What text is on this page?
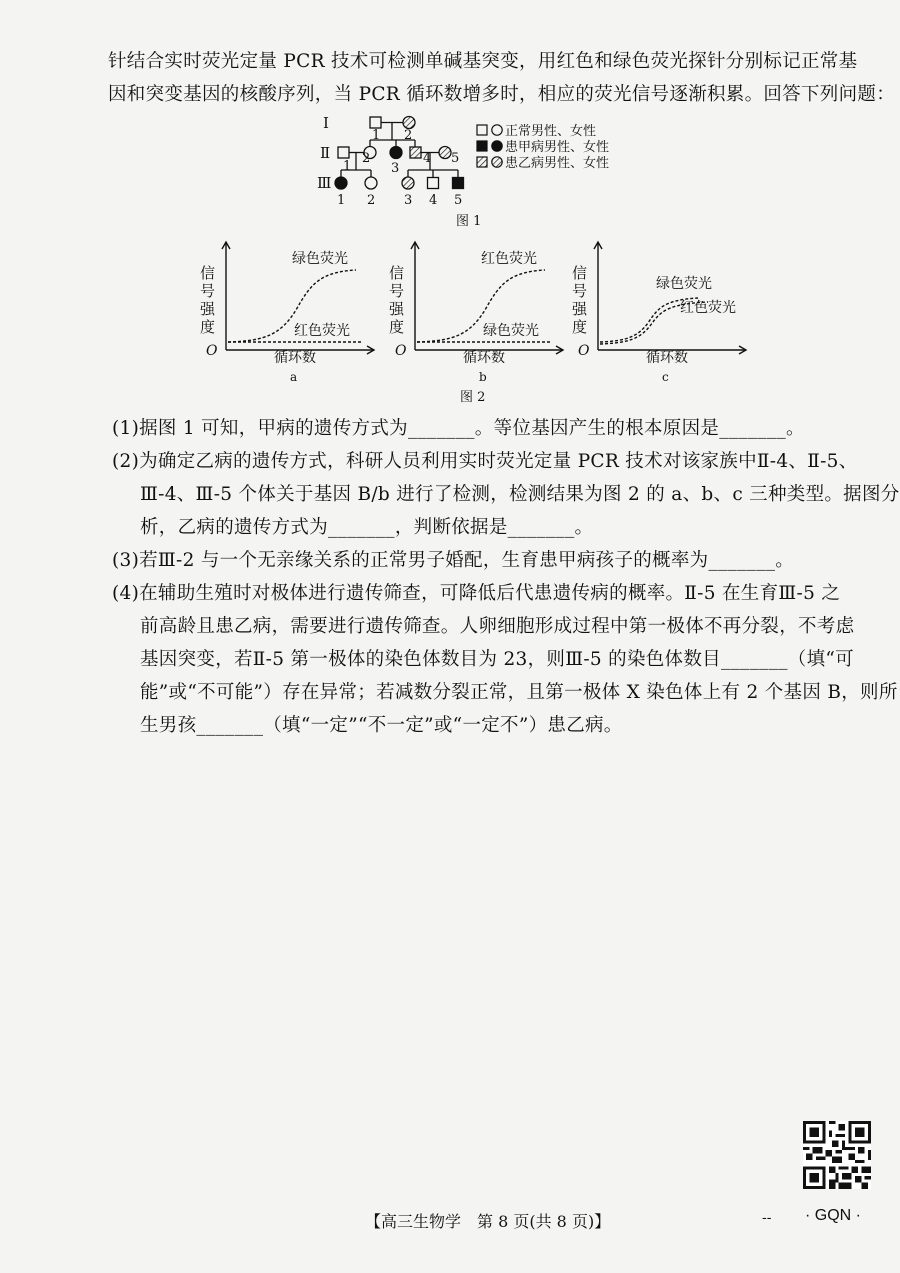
针结合实时荧光定量 PCR 技术可检测单碱基突变，用红色和绿色荧光探针分别标记正常基
因和突变基因的核酸序列，当 PCR 循环数增多时，相应的荧光信号逐渐积累。回答下列问题：
Ⅰ
Ⅱ
Ⅲ
1 2
1
2
3
4 5
1 2 3 4 5
正常男性、女性
患甲病男性、女性
患乙病男性、女性
图 1
信
号
强
度
O	循环数
a
绿色荧光
红色荧光
信
号
强
度
O	循环数
b
红色荧光
绿色荧光
信
号
强
度
O	循环数
c
绿色荧光
红色荧光
图 2
(1)据图 1 可知，甲病的遗传方式为_______。等位基因产生的根本原因是_______。
(2)为确定乙病的遗传方式，科研人员利用实时荧光定量 PCR 技术对该家族中Ⅱ-4、Ⅱ-5、
Ⅲ-4、Ⅲ-5 个体关于基因 B/b 进行了检测，检测结果为图 2 的 a、b、c 三种类型。据图分
析，乙病的遗传方式为_______，判断依据是_______。
(3)若Ⅲ-2 与一个无亲缘关系的正常男子婚配，生育患甲病孩子的概率为_______。
(4)在辅助生殖时对极体进行遗传筛查，可降低后代患遗传病的概率。Ⅱ-5 在生育Ⅲ-5 之
前高龄且患乙病，需要进行遗传筛查。人卵细胞形成过程中第一极体不再分裂，不考虑
基因突变，若Ⅱ-5 第一极体的染色体数目为 23，则Ⅲ-5 的染色体数目_______（填“可
能”或“不可能”）存在异常；若减数分裂正常，且第一极体 X 染色体上有 2 个基因 B，则所
生男孩_______（填“一定”“不一定”或“一定不”）患乙病。
【高三生物学　第 8 页(共 8 页)】	-- · GQN ·
